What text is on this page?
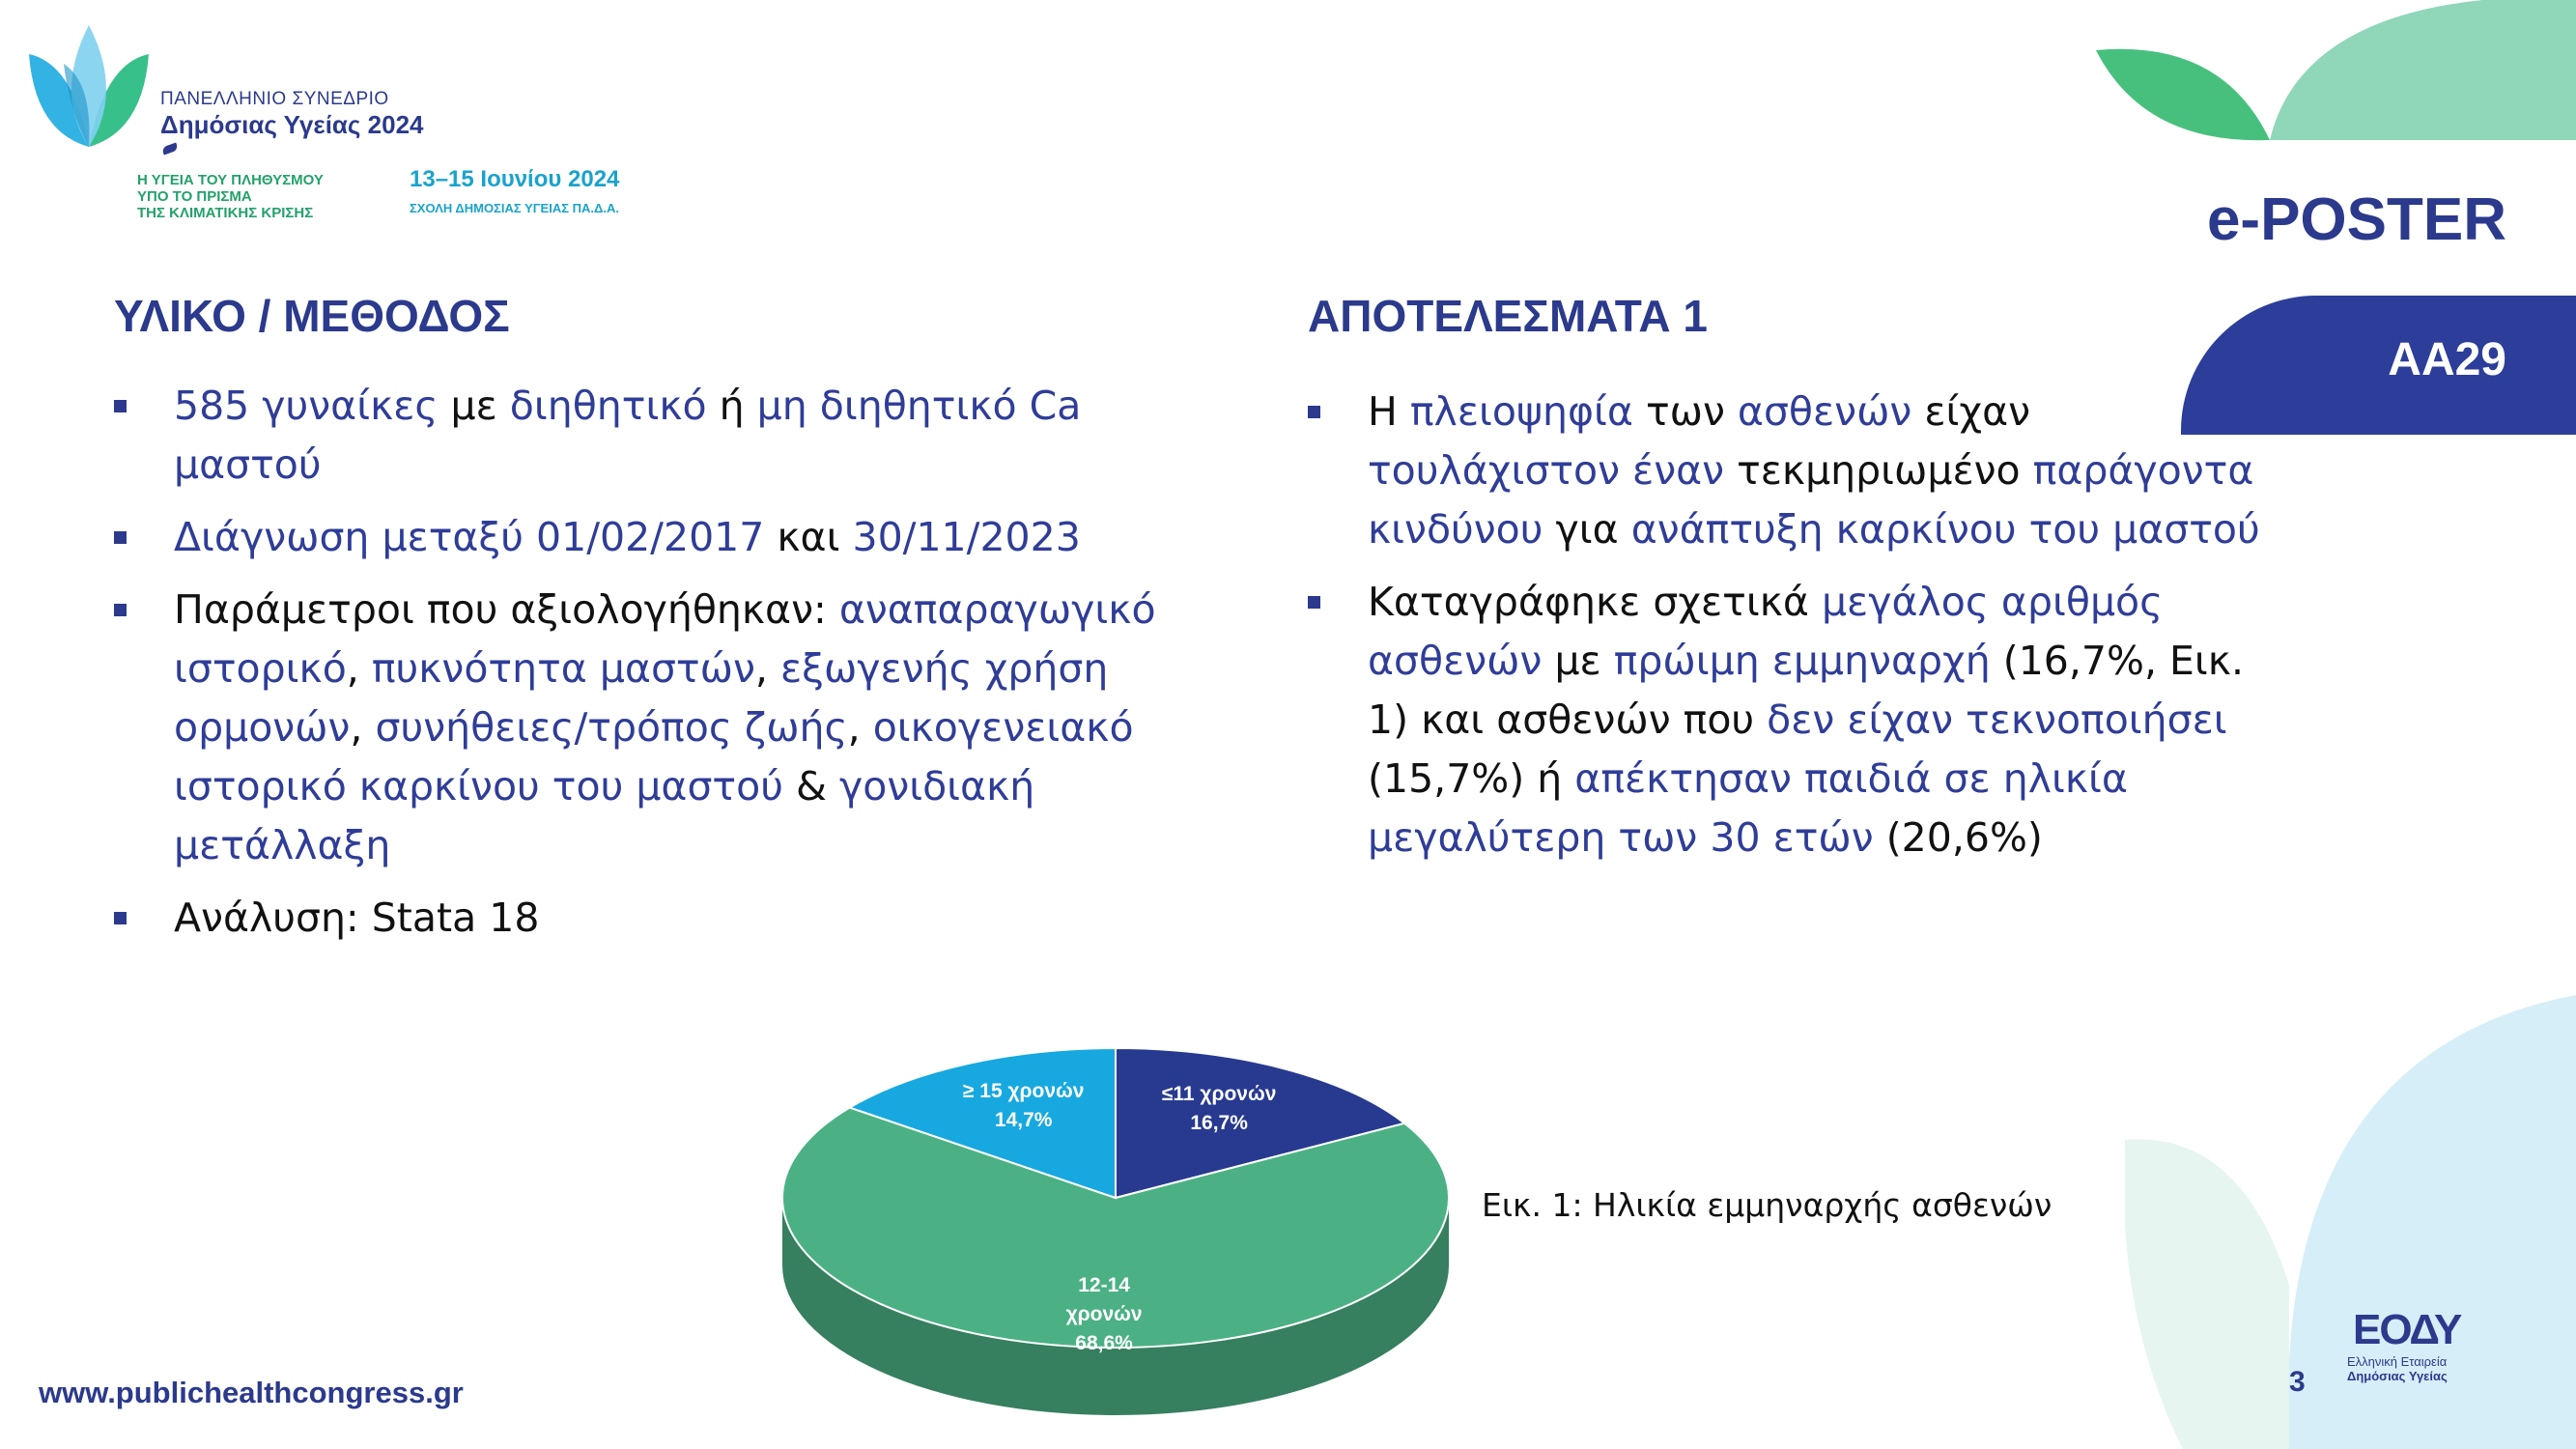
ΠΑΝΕΛΛΗΝΙΟ ΣΥΝΕΔΡΙΟ
Δημόσιας Υγείας 2024
Η ΥΓΕΙΑ ΤΟΥ ΠΛΗΘΥΣΜΟΥ
ΥΠΟ ΤΟ ΠΡΙΣΜΑ
ΤΗΣ ΚΛΙΜΑΤΙΚΗΣ ΚΡΙΣΗΣ
13–15 Ιουνίου 2024
ΣΧΟΛΗ ΔΗΜΟΣΙΑΣ ΥΓΕΙΑΣ ΠΑ.Δ.Α.	e-POSTER
AA29
ΥΛΙΚΟ / ΜΕΘΟΔΟΣ
585 γυναίκες με διηθητικό ή μη διηθητικό Ca μαστού
Διάγνωση μεταξύ 01/02/2017 και 30/11/2023
Παράμετροι που αξιολογήθηκαν: αναπαραγωγικό ιστορικό, πυκνότητα μαστών, εξωγενής χρήση ορμονών, συνήθειες/τρόπος ζωής, οικογενειακό ιστορικό καρκίνου του μαστού & γονιδιακή μετάλλαξη
Ανάλυση: Stata 18
ΑΠΟΤΕΛΕΣΜΑΤΑ 1
Η πλειοψηφία των ασθενών είχαν τουλάχιστον έναν τεκμηριωμένο παράγοντα κινδύνου για ανάπτυξη καρκίνου του μαστού
Καταγράφηκε σχετικά μεγάλος αριθμός ασθενών με πρώιμη εμμηναρχή (16,7%, Εικ. 1) και ασθενών που δεν είχαν τεκνοποιήσει (15,7%) ή απέκτησαν παιδιά σε ηλικία μεγαλύτερη των 30 ετών (20,6%)
≤11 χρονών 16,7%
12-14 χρονών 68,6%
≥ 15 χρονών 14,7%
Εικ. 1: Ηλικία εμμηναρχής ασθενών
www.publichealthcongress.gr	3
ΕΟΔΥ
Ελληνική Εταιρεία
Δημόσιας Υγείας
